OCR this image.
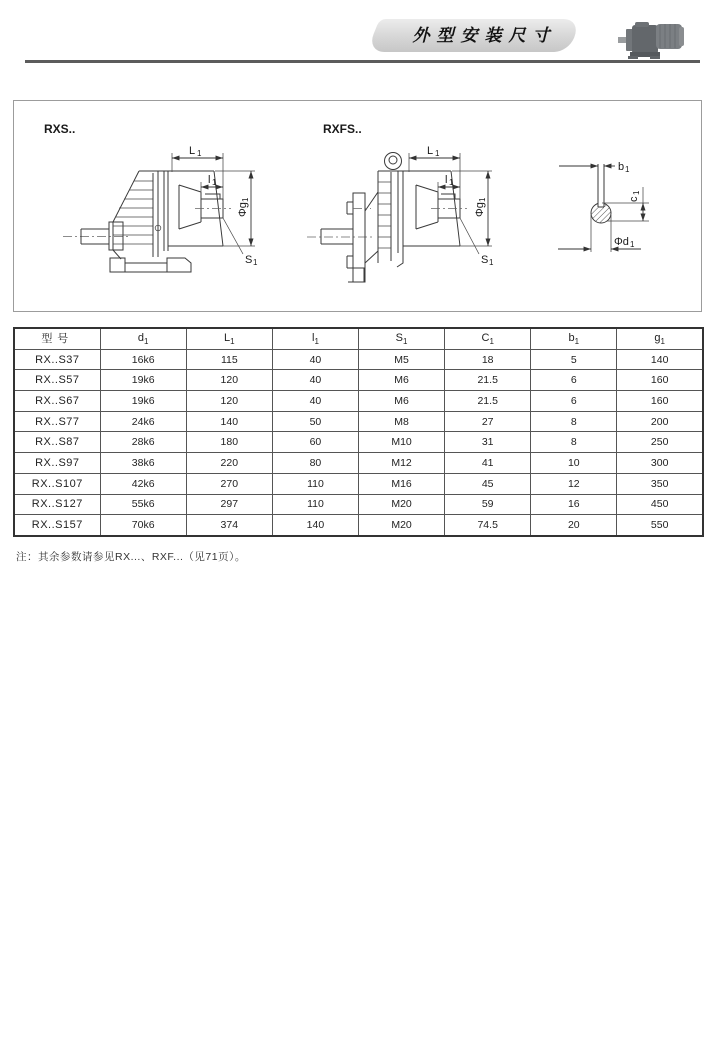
外型安装尺寸
RXS..
L 1
l 1
Φg
1
S 1
RXFS..
L 1
l 1
Φg
1
S 1
b 1
c
1
Φd 1
型号	$d_1$	$L_1$	$l_1$	$S_1$	$C_1$	$b_1$	$g_1$
RX..S37	16k6	115	40	M5	18	5	140
RX..S57	19k6	120	40	M6	21.5	6	160
RX..S67	19k6	120	40	M6	21.5	6	160
RX..S77	24k6	140	50	M8	27	8	200
RX..S87	28k6	180	60	M10	31	8	250
RX..S97	38k6	220	80	M12	41	10	300
RX..S107	42k6	270	110	M16	45	12	350
RX..S127	55k6	297	110	M20	59	16	450
RX..S157	70k6	374	140	M20	74.5	20	550
注：其余参数请参见RX...、RXF...（见71页）。
